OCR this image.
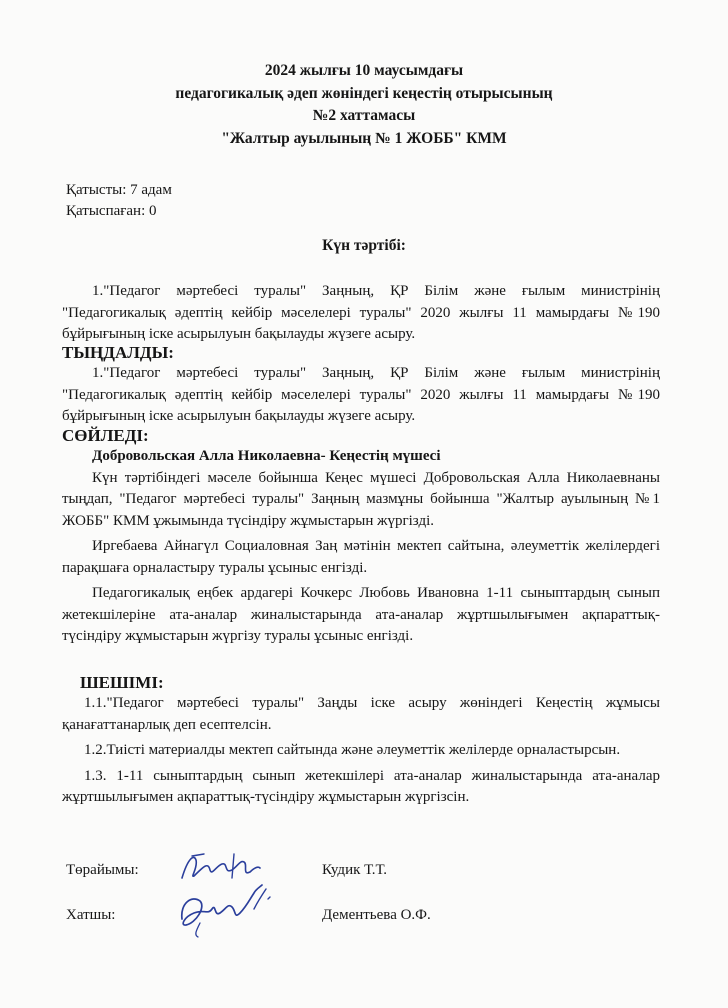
2024 жылғы 10 маусымдағы
педагогикалық әдеп жөніндегі кеңестің отырысының
№2 хаттамасы
"Жалтыр ауылының № 1 ЖОББ" КММ
Қатысты: 7 адам
Қатыспаған: 0
Күн тәртібі:

1."Педагог мәртебесі туралы" Заңның, ҚР Білім және ғылым министрінің "Педагогикалық әдептің кейбір мәселелері туралы" 2020 жылғы 11 мамырдағы №190 бұйрығының іске асырылуын бақылауды жүзеге асыру.

ТЫҢДАЛДЫ:

1."Педагог мәртебесі туралы" Заңның, ҚР Білім және ғылым министрінің "Педагогикалық әдептің кейбір мәселелері туралы" 2020 жылғы 11 мамырдағы №190 бұйрығының іске асырылуын бақылауды жүзеге асыру.

СӨЙЛЕДІ:

Добровольская Алла Николаевна- Кеңестің мүшесі

Күн тәртібіндегі мәселе бойынша Кеңес мүшесі Добровольская Алла Николаевнаны тыңдап, "Педагог мәртебесі туралы" Заңның мазмұны бойынша "Жалтыр ауылының №1 ЖОББ" КММ ұжымында түсіндіру жұмыстарын жүргізді.

Иргебаева Айнагүл Социаловная Заң мәтінін мектеп сайтына, әлеуметтік желілердегі парақшаға орналастыру туралы ұсыныс енгізді.

Педагогикалық еңбек ардагері Кочкерс Любовь Ивановна 1-11 сыныптардың сынып жетекшілеріне ата-аналар жиналыстарында ата-аналар жұртшылығымен ақпараттық-түсіндіру жұмыстарын жүргізу туралы ұсыныс енгізді.

ШЕШІМІ:

1.1."Педагог мәртебесі туралы" Заңды іске асыру жөніндегі Кеңестің жұмысы қанағаттанарлық деп есептелсін.

1.2.Тиісті материалды мектеп сайтында және әлеуметтік желілерде орналастырсын.

1.3. 1-11 сыныптардың сынып жетекшілері ата-аналар жиналыстарында ата-аналар жұртшылығымен ақпараттық-түсіндіру жұмыстарын жүргізсін.

Төрайымы:	Кудик Т.Т.
Хатшы:	Дементьева О.Ф.
